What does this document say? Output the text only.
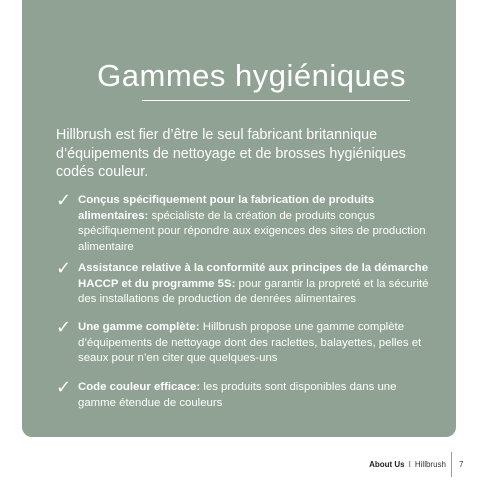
Gammes hygiéniques

Hillbrush est fier d’être le seul fabricant britannique d’équipements de nettoyage et de brosses hygiéniques codés couleur.

✓ Conçus spécifiquement pour la fabrication de produits alimentaires: spécialiste de la création de produits conçus spécifiquement pour répondre aux exigences des sites de production alimentaire

✓ Assistance relative à la conformité aux principes de la démarche HACCP et du programme 5S: pour garantir la propreté et la sécurité des installations de production de denrées alimentaires

✓ Une gamme complète: Hillbrush propose une gamme complète d’équipements de nettoyage dont des raclettes, balayettes, pelles et seaux pour n’en citer que quelques-uns

✓ Code couleur efficace: les produits sont disponibles dans une gamme étendue de couleurs

About Us I Hillbrush 7
